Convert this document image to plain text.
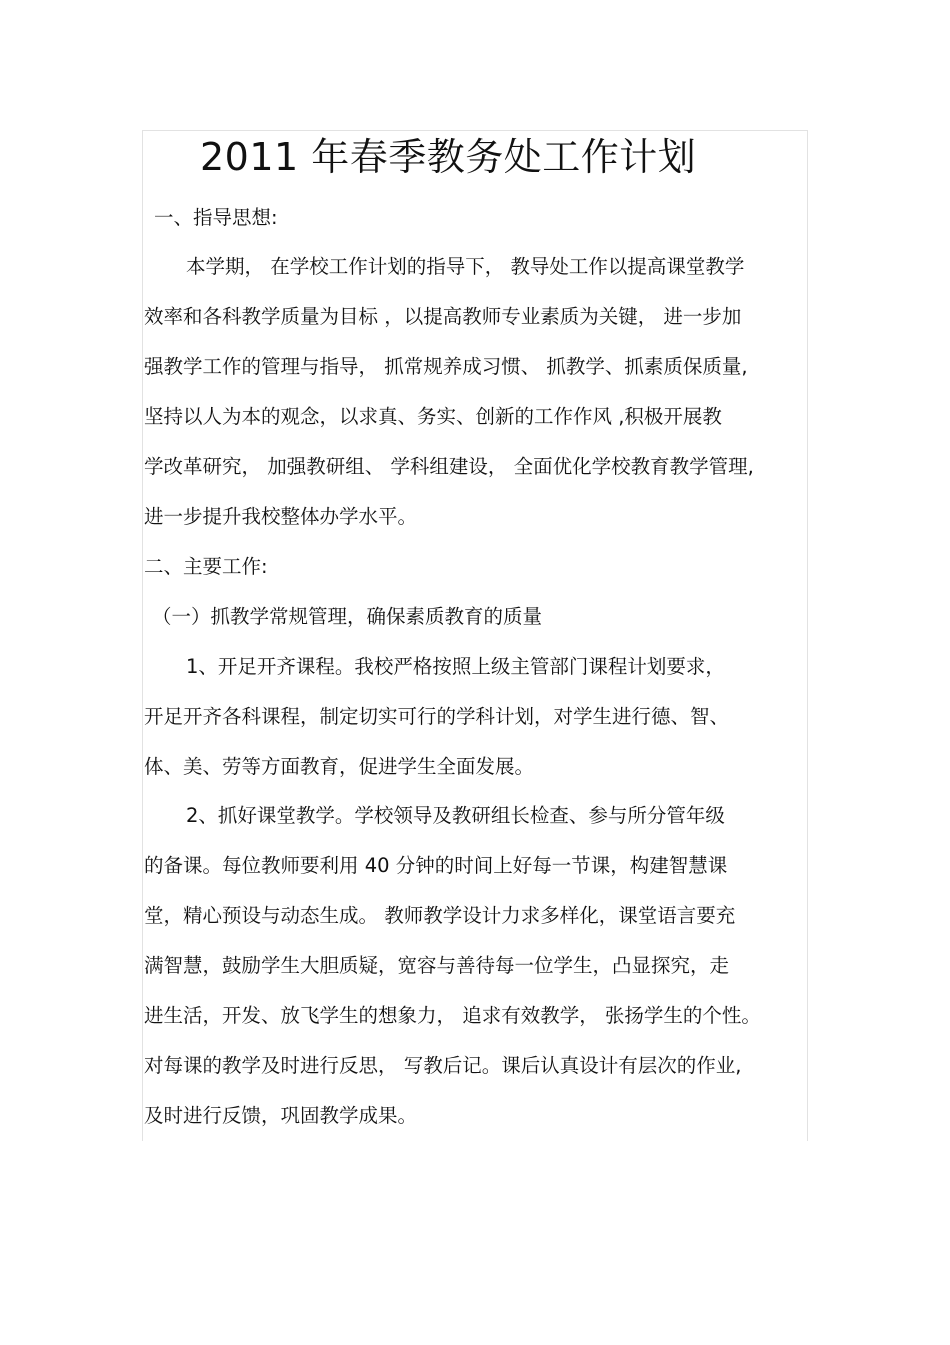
2011 年春季教务处工作计划
一、指导思想:
本学期， 在学校工作计划的指导下， 教导处工作以提高课堂教学
效率和各科教学质量为目标 ，以提高教师专业素质为关键， 进一步加
强教学工作的管理与指导， 抓常规养成习惯、 抓教学、抓素质保质量,
坚持以人为本的观念，以求真、务实、创新的工作作风 ,积极开展教
学改革研究， 加强教研组、 学科组建设， 全面优化学校教育教学管理,
进一步提升我校整体办学水平。
二、主要工作:
（一）抓教学常规管理，确保素质教育的质量
1、开足开齐课程。我校严格按照上级主管部门课程计划要求，
开足开齐各科课程，制定切实可行的学科计划，对学生进行德、智、
体、美、劳等方面教育，促进学生全面发展。
2、抓好课堂教学。学校领导及教研组长检查、参与所分管年级
的备课。每位教师要利用 40 分钟的时间上好每一节课，构建智慧课
堂，精心预设与动态生成。 教师教学设计力求多样化，课堂语言要充
满智慧，鼓励学生大胆质疑，宽容与善待每一位学生，凸显探究，走
进生活，开发、放飞学生的想象力， 追求有效教学， 张扬学生的个性。
对每课的教学及时进行反思， 写教后记。课后认真设计有层次的作业,
及时进行反馈，巩固教学成果。
